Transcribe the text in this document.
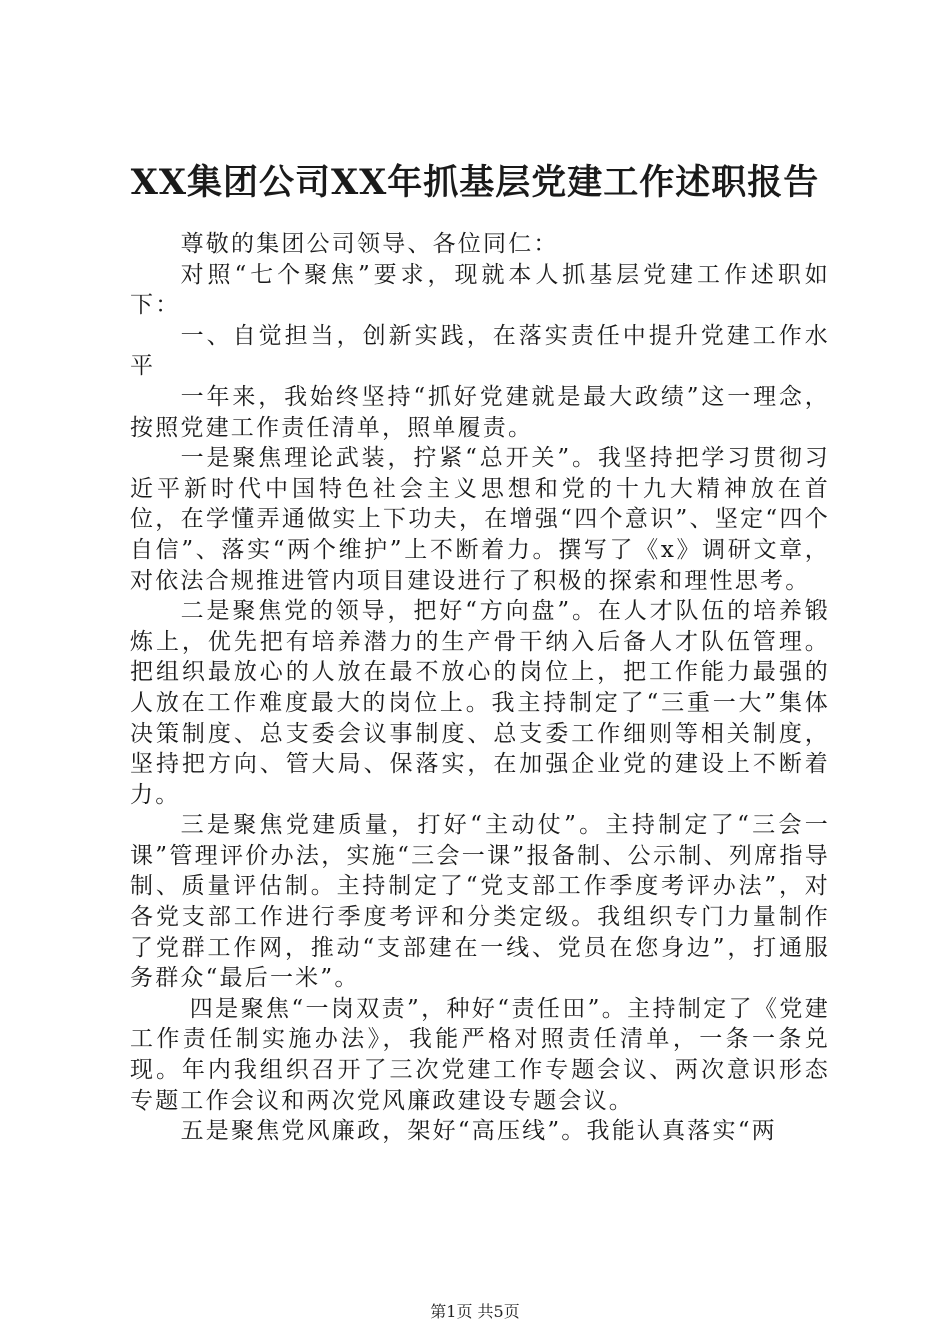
XX集团公司XX年抓基层党建工作述职报告

尊敬的集团公司领导、各位同仁：

对照“七个聚焦”要求，现就本人抓基层党建工作述职如下：

一、自觉担当，创新实践，在落实责任中提升党建工作水平

一年来，我始终坚持“抓好党建就是最大政绩”这一理念，按照党建工作责任清单，照单履责。

一是聚焦理论武装，拧紧“总开关”。我坚持把学习贯彻习近平新时代中国特色社会主义思想和党的十九大精神放在首位，在学懂弄通做实上下功夫，在增强“四个意识”、坚定“四个自信”、落实“两个维护”上不断着力。撰写了《x》调研文章，对依法合规推进管内项目建设进行了积极的探索和理性思考。

二是聚焦党的领导，把好“方向盘”。在人才队伍的培养锻炼上，优先把有培养潜力的生产骨干纳入后备人才队伍管理。把组织最放心的人放在最不放心的岗位上，把工作能力最强的人放在工作难度最大的岗位上。我主持制定了“三重一大”集体决策制度、总支委会议事制度、总支委工作细则等相关制度，坚持把方向、管大局、保落实，在加强企业党的建设上不断着力。

三是聚焦党建质量，打好“主动仗”。主持制定了“三会一课”管理评价办法，实施“三会一课”报备制、公示制、列席指导制、质量评估制。主持制定了“党支部工作季度考评办法”，对各党支部工作进行季度考评和分类定级。我组织专门力量制作了党群工作网，推动“支部建在一线、党员在您身边”，打通服务群众“最后一米”。

四是聚焦“一岗双责”，种好“责任田”。主持制定了《党建工作责任制实施办法》，我能严格对照责任清单，一条一条兑现。年内我组织召开了三次党建工作专题会议、两次意识形态专题工作会议和两次党风廉政建设专题会议。

五是聚焦党风廉政，架好“高压线”。我能认真落实“两

第1页 共5页
